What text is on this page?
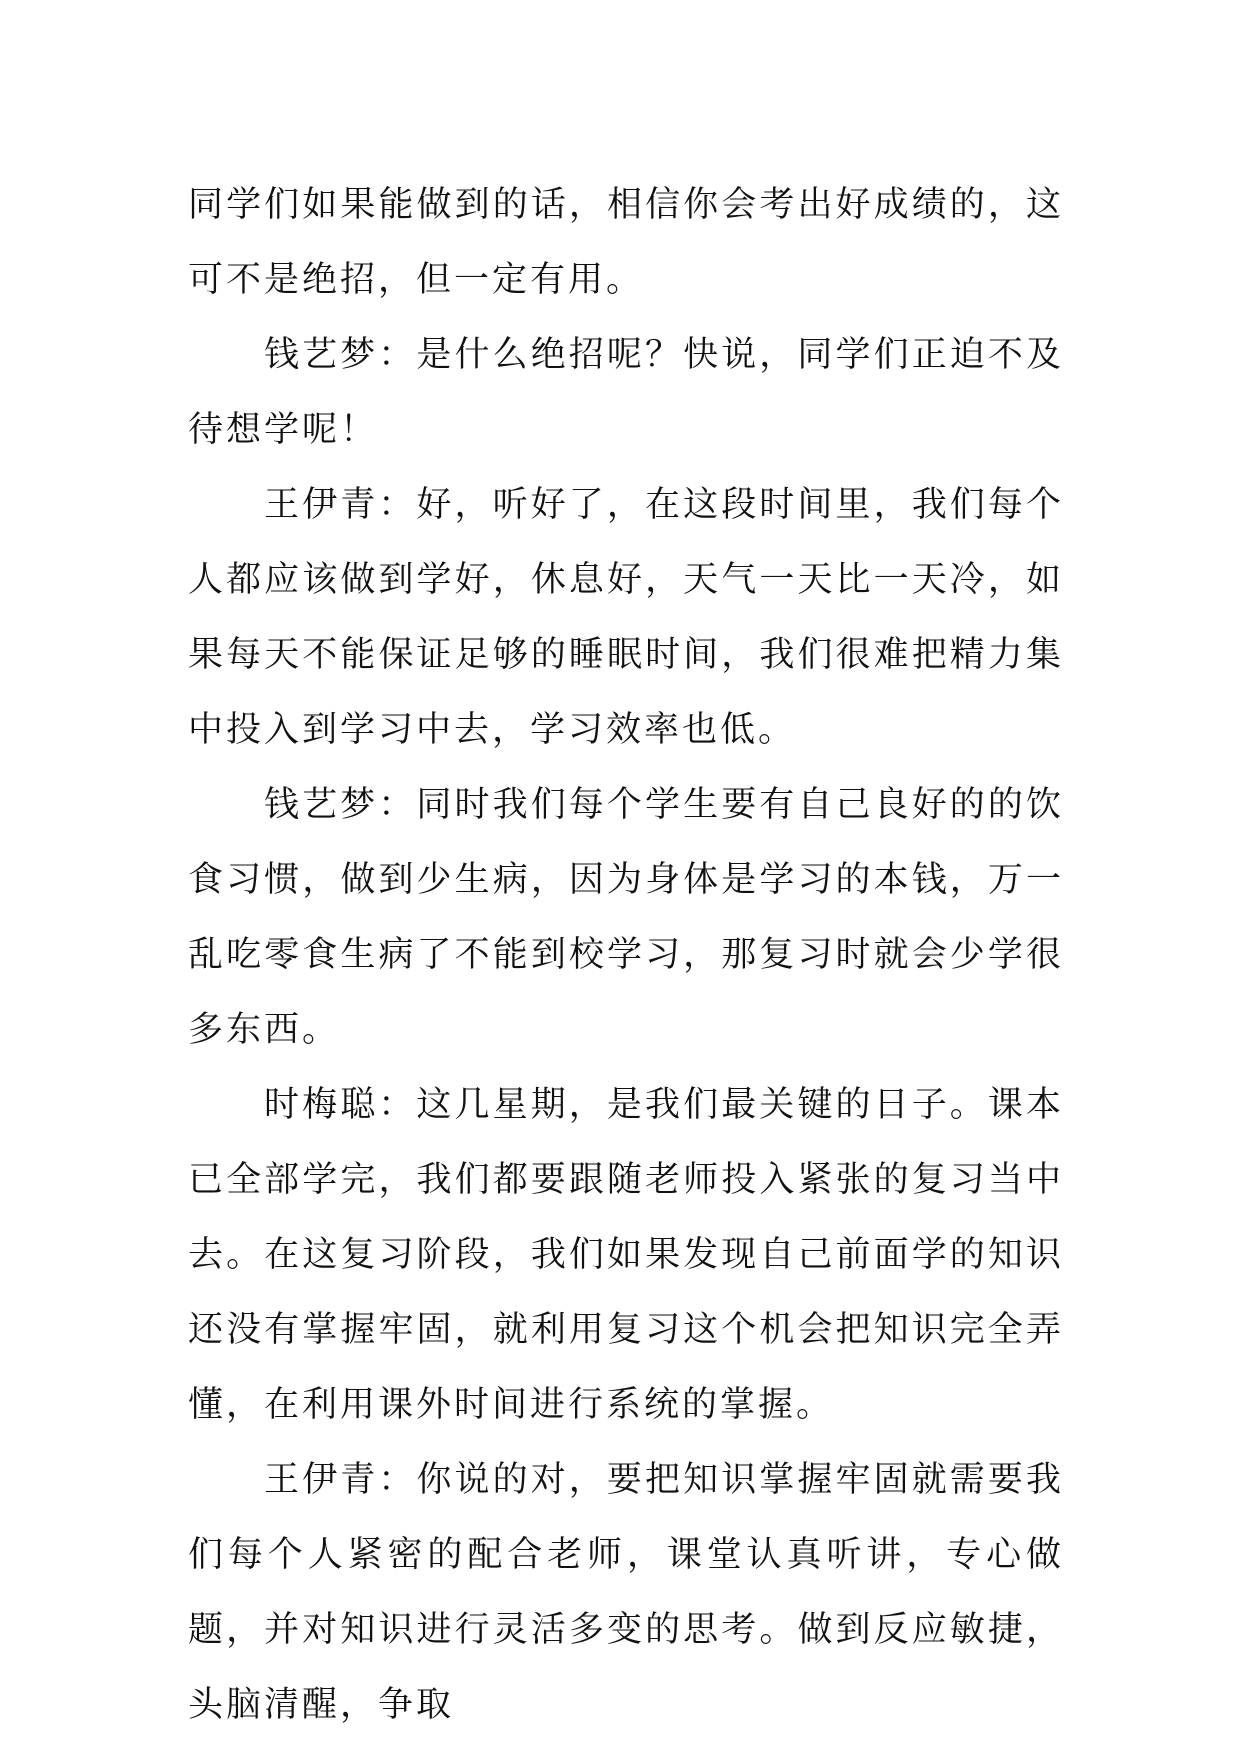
同学们如果能做到的话，相信你会考出好成绩的，这可不是绝招，但一定有用。

钱艺梦：是什么绝招呢？快说，同学们正迫不及待想学呢！

王伊青：好，听好了，在这段时间里，我们每个人都应该做到学好，休息好，天气一天比一天冷，如果每天不能保证足够的睡眠时间，我们很难把精力集中投入到学习中去，学习效率也低。

钱艺梦：同时我们每个学生要有自己良好的的饮食习惯，做到少生病，因为身体是学习的本钱，万一乱吃零食生病了不能到校学习，那复习时就会少学很多东西。

时梅聪：这几星期，是我们最关键的日子。课本已全部学完，我们都要跟随老师投入紧张的复习当中去。在这复习阶段，我们如果发现自己前面学的知识还没有掌握牢固，就利用复习这个机会把知识完全弄懂，在利用课外时间进行系统的掌握。

王伊青：你说的对，要把知识掌握牢固就需要我们每个人紧密的配合老师，课堂认真听讲，专心做题，并对知识进行灵活多变的思考。做到反应敏捷，头脑清醒，争取
